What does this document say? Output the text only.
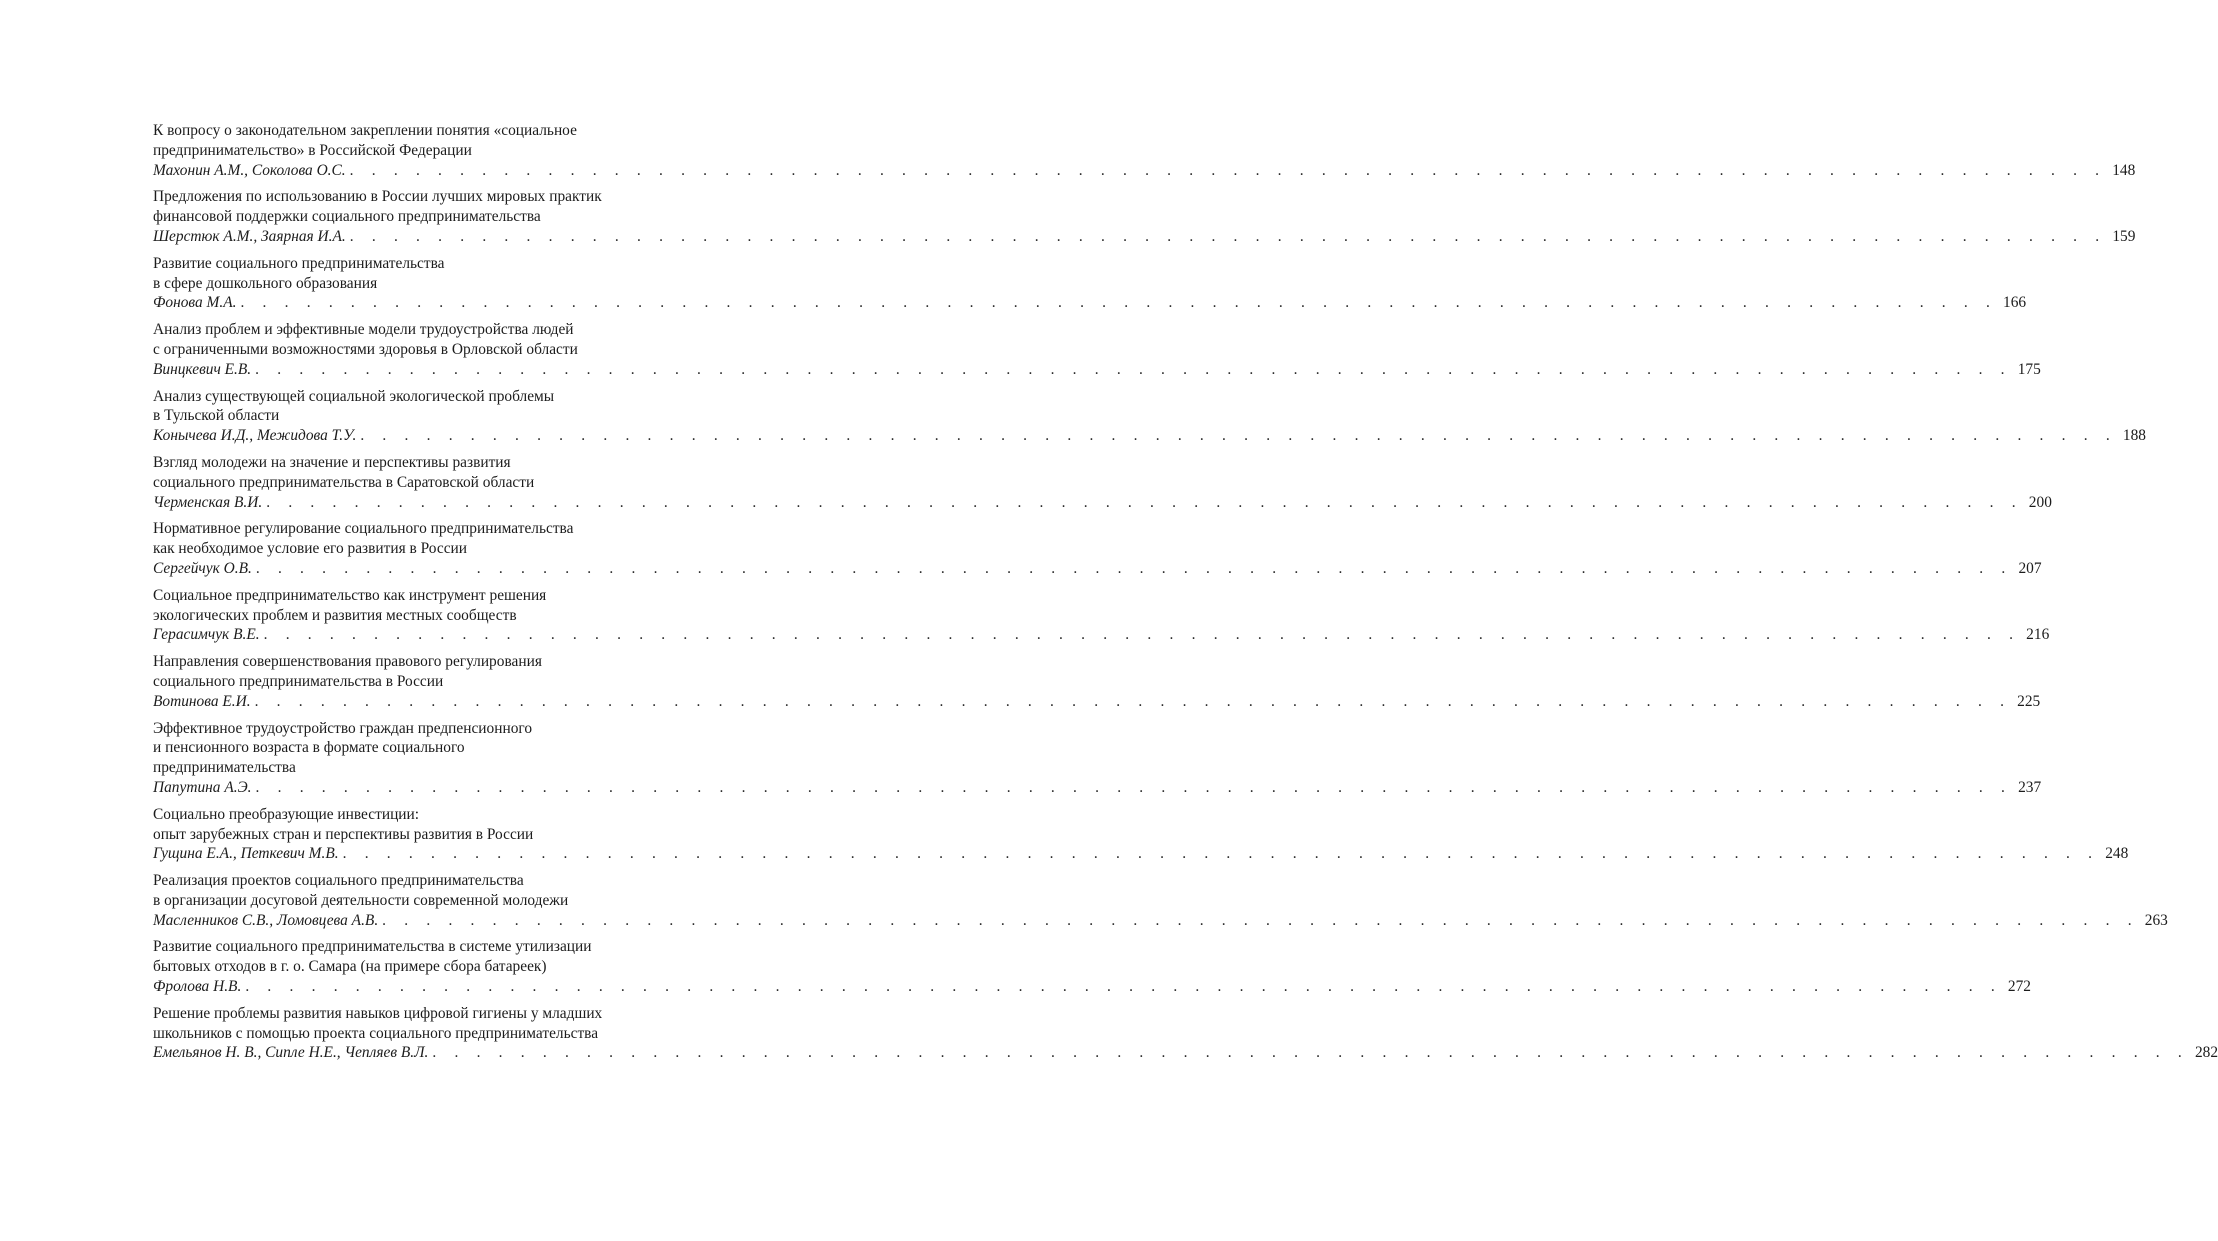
К вопросу о законодательном закреплении понятия «социальное
предпринимательство» в Российской Федерации
Махонин А.М., Соколова О.С. . . . . . . . . . . . . . . . . . . . . . . . . . . . . . . . . . . . . . . . . . . . . . . . . . . . . . . . . . . . . . . . . . . . . . . . . . . . . . . . . 148
Предложения по использованию в России лучших мировых практик
финансовой поддержки социального предпринимательства
Шерстюк А.М., Заярная И.А. . . . . . . . . . . . . . . . . . . . . . . . . . . . . . . . . . . . . . . . . . . . . . . . . . . . . . . . . . . . . . . . . . . . . . . . . . . . . . . . . 159
Развитие социального предпринимательства
в сфере дошкольного образования
Фонова М.А. . . . . . . . . . . . . . . . . . . . . . . . . . . . . . . . . . . . . . . . . . . . . . . . . . . . . . . . . . . . . . . . . . . . . . . . . . . . . . . . . 166
Анализ проблем и эффективные модели трудоустройства людей
с ограниченными возможностями здоровья в Орловской области
Винцкевич Е.В. . . . . . . . . . . . . . . . . . . . . . . . . . . . . . . . . . . . . . . . . . . . . . . . . . . . . . . . . . . . . . . . . . . . . . . . . . . . . . . . . 175
Анализ существующей социальной экологической проблемы
в Тульской области
Конычева И.Д., Межидова Т.У. . . . . . . . . . . . . . . . . . . . . . . . . . . . . . . . . . . . . . . . . . . . . . . . . . . . . . . . . . . . . . . . . . . . . . . . . . . . . . . . . 188
Взгляд молодежи на значение и перспективы развития
социального предпринимательства в Саратовской области
Черменская В.И. . . . . . . . . . . . . . . . . . . . . . . . . . . . . . . . . . . . . . . . . . . . . . . . . . . . . . . . . . . . . . . . . . . . . . . . . . . . . . . . . 200
Нормативное регулирование социального предпринимательства
как необходимое условие его развития в России
Сергейчук О.В. . . . . . . . . . . . . . . . . . . . . . . . . . . . . . . . . . . . . . . . . . . . . . . . . . . . . . . . . . . . . . . . . . . . . . . . . . . . . . . . . 207
Социальное предпринимательство как инструмент решения
экологических проблем и развития местных сообществ
Герасимчук В.Е. . . . . . . . . . . . . . . . . . . . . . . . . . . . . . . . . . . . . . . . . . . . . . . . . . . . . . . . . . . . . . . . . . . . . . . . . . . . . . . . . 216
Направления совершенствования правового регулирования
социального предпринимательства в России
Вотинова Е.И. . . . . . . . . . . . . . . . . . . . . . . . . . . . . . . . . . . . . . . . . . . . . . . . . . . . . . . . . . . . . . . . . . . . . . . . . . . . . . . . . 225
Эффективное трудоустройство граждан предпенсионного
и пенсионного возраста в формате социального
предпринимательства
Папутина А.Э. . . . . . . . . . . . . . . . . . . . . . . . . . . . . . . . . . . . . . . . . . . . . . . . . . . . . . . . . . . . . . . . . . . . . . . . . . . . . . . . . 237
Социально преобразующие инвестиции:
опыт зарубежных стран и перспективы развития в России
Гущина Е.А., Петкевич М.В. . . . . . . . . . . . . . . . . . . . . . . . . . . . . . . . . . . . . . . . . . . . . . . . . . . . . . . . . . . . . . . . . . . . . . . . . . . . . . . . . 248
Реализация проектов социального предпринимательства
в организации досуговой деятельности современной молодежи
Масленников С.В., Ломовцева А.В. . . . . . . . . . . . . . . . . . . . . . . . . . . . . . . . . . . . . . . . . . . . . . . . . . . . . . . . . . . . . . . . . . . . . . . . . . . . . . . . . 263
Развитие социального предпринимательства в системе утилизации
бытовых отходов в г. о. Самара (на примере сбора батареек)
Фролова Н.В. . . . . . . . . . . . . . . . . . . . . . . . . . . . . . . . . . . . . . . . . . . . . . . . . . . . . . . . . . . . . . . . . . . . . . . . . . . . . . . . . 272
Решение проблемы развития навыков цифровой гигиены у младших
школьников с помощью проекта социального предпринимательства
Емельянов Н. В., Сипле Н.Е., Чепляев В.Л. . . . . . . . . . . . . . . . . . . . . . . . . . . . . . . . . . . . . . . . . . . . . . . . . . . . . . . . . . . . . . . . . . . . . . . . . . . . . . . . . 282
